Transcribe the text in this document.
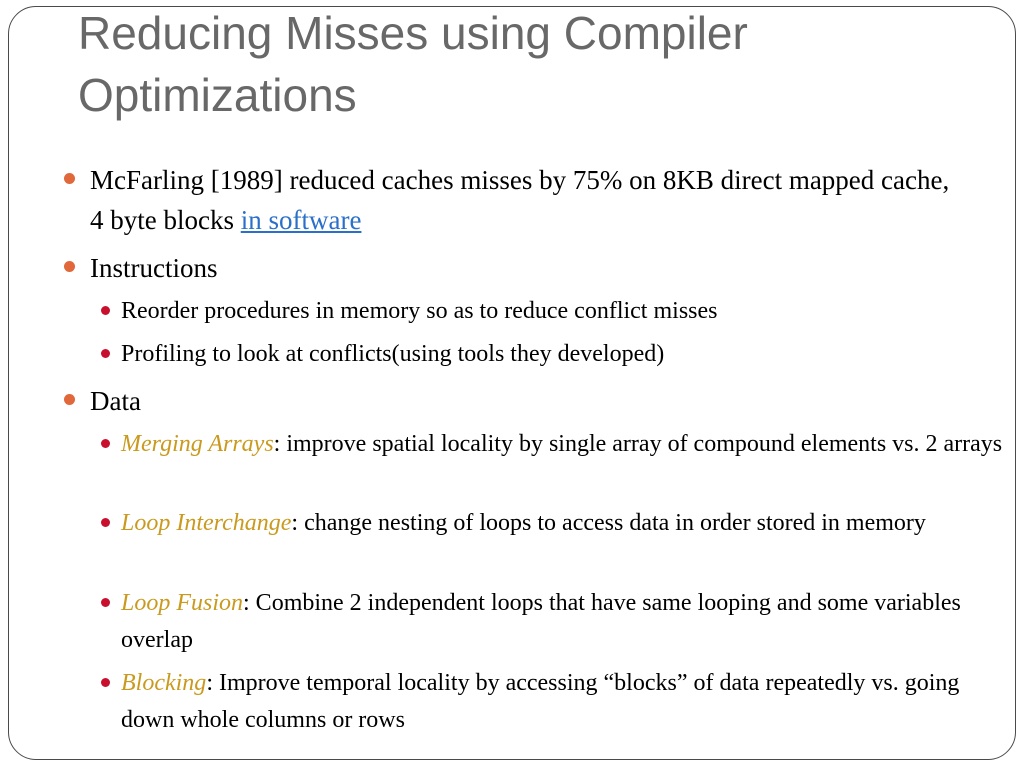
Reducing Misses using Compiler Optimizations
McFarling [1989] reduced caches misses by 75% on 8KB direct mapped cache, 4 byte blocks in software
Instructions
Reorder procedures in memory so as to reduce conflict misses
Profiling to look at conflicts(using tools they developed)
Data
Merging Arrays: improve spatial locality by single array of compound elements vs. 2 arrays
Loop Interchange: change nesting of loops to access data in order stored in memory
Loop Fusion: Combine 2 independent loops that have same looping and some variables overlap
Blocking: Improve temporal locality by accessing “blocks” of data repeatedly vs. going down whole columns or rows
